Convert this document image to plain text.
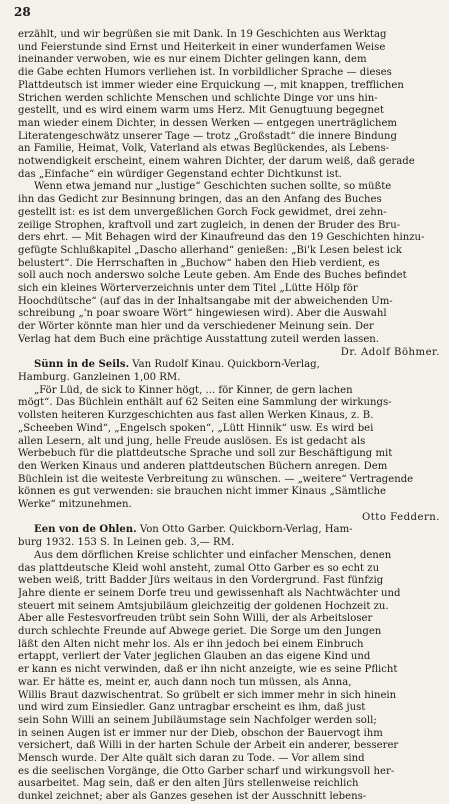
28
erzählt, und wir begrüßen sie mit Dank. In 19 Geschichten aus Werktag
und Feierstunde sind Ernst und Heiterkeit in einer wunderfamen Weise
ineinander verwoben, wie es nur einem Dichter gelingen kann, dem
die Gabe echten Humors verliehen ist. In vorbildlicher Sprache — dieses
Plattdeutsch ist immer wieder eine Erquickung —, mit knappen, trefflichen
Strichen werden schlichte Menschen und schlichte Dinge vor uns hin-
gestellt, und es wird einem warm ums Herz. Mit Genugtuung begegnet
man wieder einem Dichter, in dessen Werken — entgegen unerträglichem
Literatengeschwätz unserer Tage — trotz „Großstadt“ die innere Bindung
an Familie, Heimat, Volk, Vaterland als etwas Beglückendes, als Lebens-
notwendigkeit erscheint, einem wahren Dichter, der darum weiß, daß gerade
das „Einfache“ ein würdiger Gegenstand echter Dichtkunst ist.
Wenn etwa jemand nur „lustige“ Geschichten suchen sollte, so müßte
ihn das Gedicht zur Besinnung bringen, das an den Anfang des Buches
gestellt ist: es ist dem unvergeßlichen Gorch Fock gewidmet, drei zehn-
zeilige Strophen, kraftvoll und zart zugleich, in denen der Bruder des Bru-
ders ehrt. — Mit Behagen wird der Kinaufreund das den 19 Geschichten hinzu-
gefügte Schlußkapitel „Dascho allerhand“ genießen: „Bi'k Lesen belest ick
belustert“. Die Herrschaften in „Buchow“ haben den Hieb verdient, es
soll auch noch anderswo solche Leute geben. Am Ende des Buches befindet
sich ein kleines Wörterverzeichnis unter dem Titel „Lütte Hölp för
Hoochdütsche“ (auf das in der Inhaltsangabe mit der abweichenden Um-
schreibung „'n poar swoare Wört“ hingewiesen wird). Aber die Auswahl
der Wörter könnte man hier und da verschiedener Meinung sein. Der
Verlag hat dem Buch eine prächtige Ausstattung zuteil werden lassen.
Dr. Adolf Böhmer.
Sünn in de Seils. Van Rudolf Kinau. Quickborn-Verlag,
Hamburg. Ganzleinen 1,00 RM.
„För Lüd, de sick to Kinner högt, ... för Kinner, de gern lachen
mögt“. Das Büchlein enthält auf 62 Seiten eine Sammlung der wirkungs-
vollsten heiteren Kurzgeschichten aus fast allen Werken Kinaus, z. B.
„Scheeben Wind“, „Engelsch spoken“, „Lütt Hinnik“ usw. Es wird bei
allen Lesern, alt und jung, helle Freude auslösen. Es ist gedacht als
Werbebuch für die plattdeutsche Sprache und soll zur Beschäftigung mit
den Werken Kinaus und anderen plattdeutschen Büchern anregen. Dem
Büchlein ist die weiteste Verbreitung zu wünschen. — „weitere“ Vertragende
können es gut verwenden: sie brauchen nicht immer Kinaus „Sämtliche
Werke“ mitzunehmen.
Otto Feddern.
Een von de Ohlen. Von Otto Garber. Quickborn-Verlag, Ham-
burg 1932. 153 S. In Leinen geb. 3,— RM.
Aus dem dörflichen Kreise schlichter und einfacher Menschen, denen
das plattdeutsche Kleid wohl ansteht, zumal Otto Garber es so echt zu
weben weiß, tritt Badder Jürs weitaus in den Vordergrund. Fast fünfzig
Jahre diente er seinem Dorfe treu und gewissenhaft als Nachtwächter und
steuert mit seinem Amtsjubiläum gleichzeitig der goldenen Hochzeit zu.
Aber alle Festesvorfreuden trübt sein Sohn Willi, der als Arbeitsloser
durch schlechte Freunde auf Abwege geriet. Die Sorge um den Jungen
läßt den Alten nicht mehr los. Als er ihn jedoch bei einem Einbruch
ertappt, verliert der Vater jeglichen Glauben an das eigene Kind und
er kann es nicht verwinden, daß er ihn nicht anzeigte, wie es seine Pflicht
war. Er hätte es, meint er, auch dann noch tun müssen, als Anna,
Willis Braut dazwischentrat. So grübelt er sich immer mehr in sich hinein
und wird zum Einsiedler. Ganz untragbar erscheint es ihm, daß just
sein Sohn Willi an seinem Jubiläumstage sein Nachfolger werden soll;
in seinen Augen ist er immer nur der Dieb, obschon der Bauervogt ihm
versichert, daß Willi in der harten Schule der Arbeit ein anderer, besserer
Mensch wurde. Der Alte quält sich daran zu Tode. — Vor allem sind
es die seelischen Vorgänge, die Otto Garber scharf und wirkungsvoll her-
ausarbeitet. Mag sein, daß er den alten Jürs stellenweise reichlich
dunkel zeichnet; aber als Ganzes gesehen ist der Ausschnitt lebens-
